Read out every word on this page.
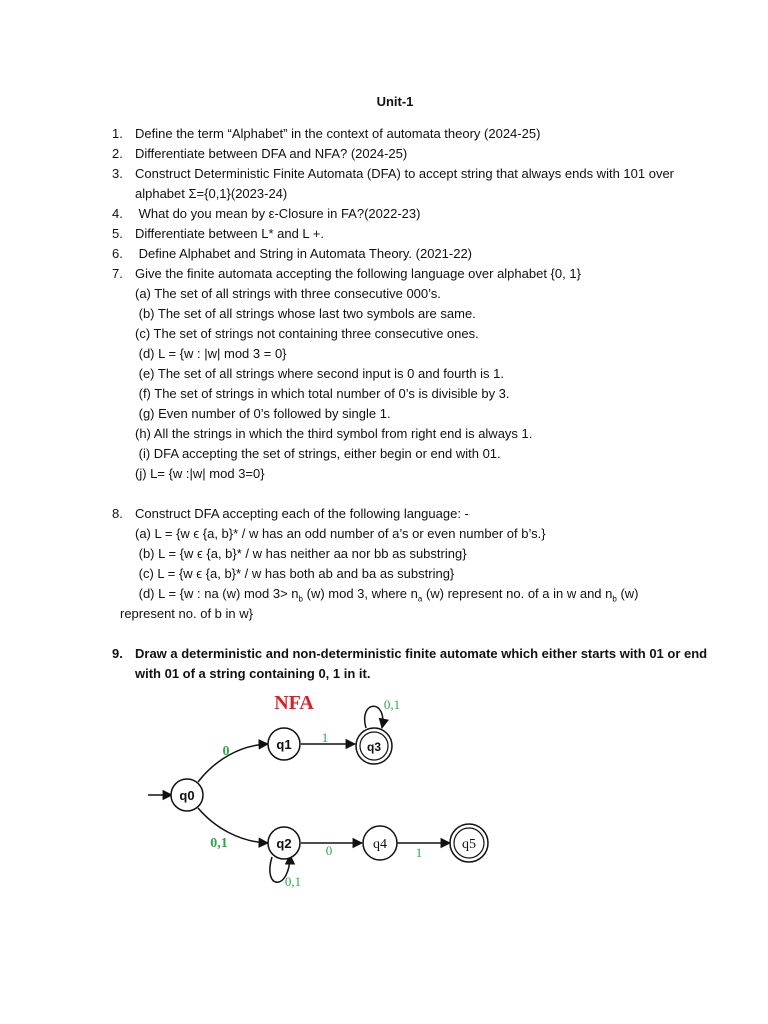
Unit-1
1. Define the term “Alphabet” in the context of automata theory (2024-25)
2. Differentiate between DFA and NFA? (2024-25)
3. Construct Deterministic Finite Automata (DFA) to accept string that always ends with 101 over
alphabet Σ={0,1}(2023-24)
4. What do you mean by ε-Closure in FA?(2022-23)
5. Differentiate between L* and L +.
6. Define Alphabet and String in Automata Theory. (2021-22)
7. Give the finite automata accepting the following language over alphabet {0, 1}
(a) The set of all strings with three consecutive 000’s.
(b) The set of all strings whose last two symbols are same.
(c) The set of strings not containing three consecutive ones.
(d) L = {w : |w| mod 3 = 0}
(e) The set of all strings where second input is 0 and fourth is 1.
(f) The set of strings in which total number of 0’s is divisible by 3.
(g) Even number of 0’s followed by single 1.
(h) All the strings in which the third symbol from right end is always 1.
(i) DFA accepting the set of strings, either begin or end with 01.
(j) L= {w :|w| mod 3=0}
8. Construct DFA accepting each of the following language: -
(a) L = {w ϵ {a, b}* / w has an odd number of a’s or even number of b’s.}
(b) L = {w ϵ {a, b}* / w has neither aa nor bb as substring}
(c) L = {w ϵ {a, b}* / w has both ab and ba as substring}
(d) L = {w : na (w) mod $3> n_b$ (w) mod 3, where $n_a$ (w) represent no. of a in w and $n_b$ (w)
represent no. of b in w}
9. Draw a deterministic and non-deterministic finite automate which either starts with 01 or end
with 01 of a string containing 0, 1 in it.
NFA
q0
q1
q2
q3
q4	q5
0
0,1
1
0,1
0
0,1
1
